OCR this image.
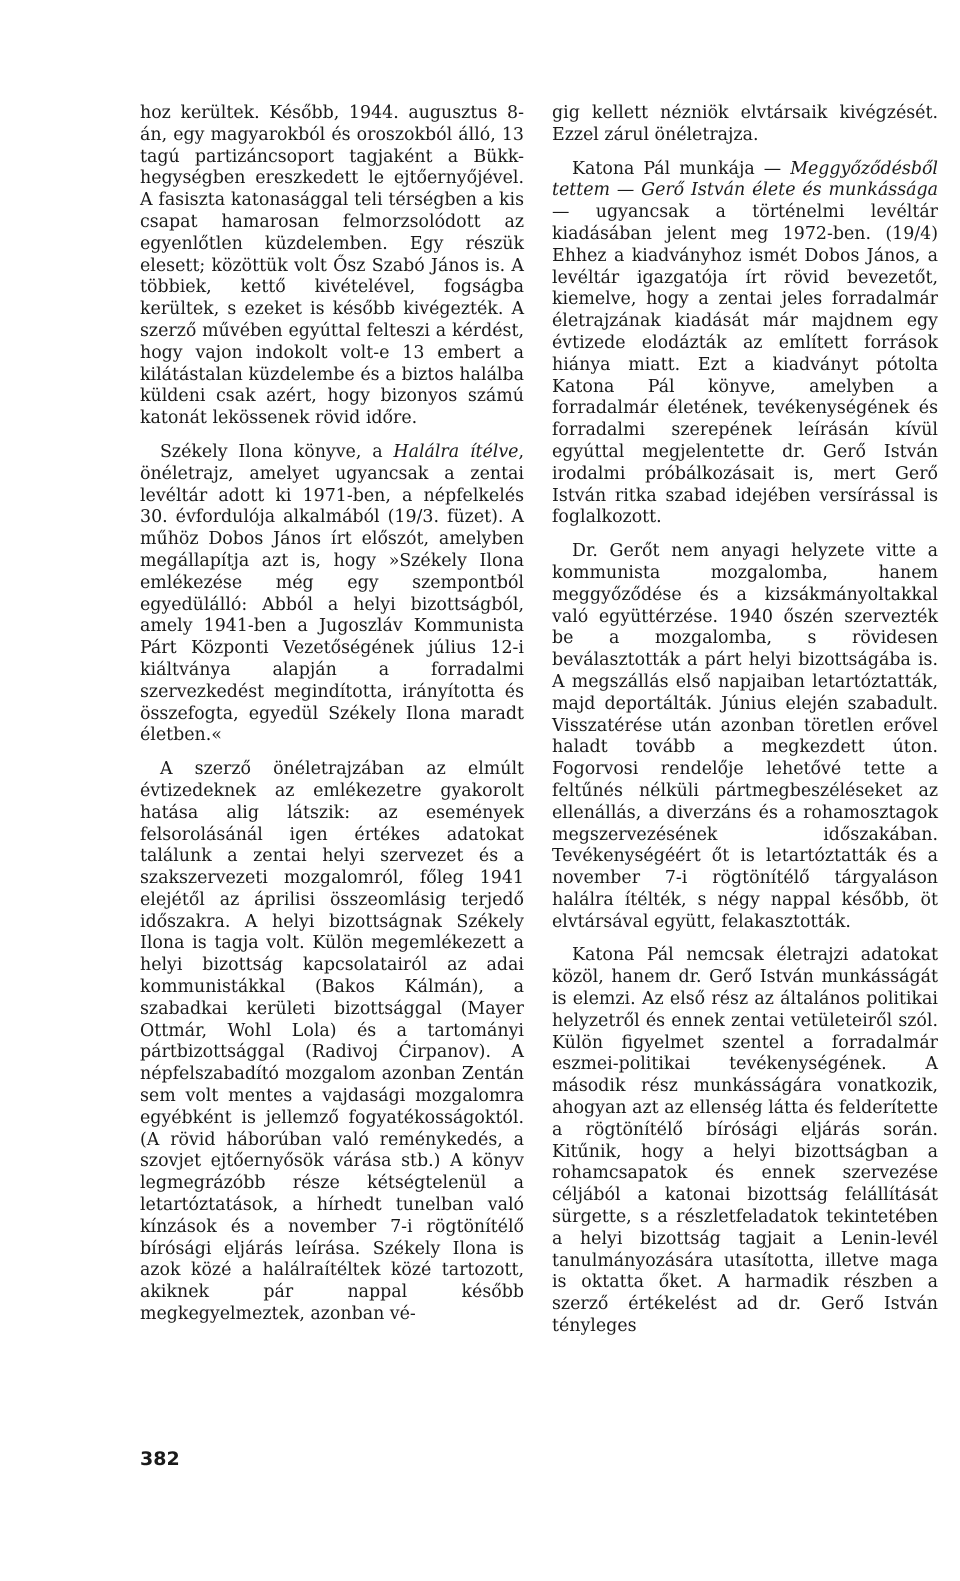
hoz kerültek. Később, 1944. augusztus 8-án, egy magyarokból és oroszokból álló, 13 tagú partizáncsoport tagjaként a Bükk-hegységben ereszkedett le ejtőernyőjével. A fasiszta katonasággal teli térségben a kis csapat hamarosan felmorzsolódott az egyenlőtlen küzdelemben. Egy részük elesett; közöttük volt Ősz Szabó János is. A többiek, kettő kivételével, fogságba kerültek, s ezeket is később kivégezték. A szerző művében egyúttal felteszi a kérdést, hogy vajon indokolt volt-e 13 embert a kilátástalan küzdelembe és a biztos halálba küldeni csak azért, hogy bizonyos számú katonát lekössenek rövid időre.

Székely Ilona könyve, a Halálra ítélve, önéletrajz, amelyet ugyancsak a zentai levéltár adott ki 1971-ben, a népfelkelés 30. évfordulója alkalmából (19/3. füzet). A műhöz Dobos János írt előszót, amelyben megállapítja azt is, hogy »Székely Ilona emlékezése még egy szempontból egyedülálló: Abból a helyi bizottságból, amely 1941-ben a Jugoszláv Kommunista Párt Központi Vezetőségének július 12-i kiáltványa alapján a forradalmi szervezkedést megindította, irányította és összefogta, egyedül Székely Ilona maradt életben.«

A szerző önéletrajzában az elmúlt évtizedeknek az emlékezetre gyakorolt hatása alig látszik: az események felsorolásánál igen értékes adatokat találunk a zentai helyi szervezet és a szakszervezeti mozgalomról, főleg 1941 elejétől az áprilisi összeomlásig terjedő időszakra. A helyi bizottságnak Székely Ilona is tagja volt. Külön megemlékezett a helyi bizottság kapcsolatairól az adai kommunistákkal (Bakos Kálmán), a szabadkai kerületi bizottsággal (Mayer Ottmár, Wohl Lola) és a tartományi pártbizottsággal (Radivoj Ćirpanov). A népfelszabadító mozgalom azonban Zentán sem volt mentes a vajdasági mozgalomra egyébként is jellemző fogyatékosságoktól. (A rövid háborúban való reménykedés, a szovjet ejtőernyősök várása stb.) A könyv legmegrázóbb része kétségtelenül a letartóztatások, a hírhedt tunelban való kínzások és a november 7-i rögtönítélő bírósági eljárás leírása. Székely Ilona is azok közé a halálraítéltek közé tartozott, akiknek pár nappal később megkegyelmeztek, azonban vé-

gig kellett nézniök elvtársaik kivégzését. Ezzel zárul önéletrajza.

Katona Pál munkája — Meggyőződésből tettem — Gerő István élete és munkássága — ugyancsak a történelmi levéltár kiadásában jelent meg 1972-ben. (19/4) Ehhez a kiadványhoz ismét Dobos János, a levéltár igazgatója írt rövid bevezetőt, kiemelve, hogy a zentai jeles forradalmár életrajzának kiadását már majdnem egy évtizede elodázták az említett források hiánya miatt. Ezt a kiadványt pótolta Katona Pál könyve, amelyben a forradalmár életének, tevékenységének és forradalmi szerepének leírásán kívül egyúttal megjelentette dr. Gerő István irodalmi próbálkozásait is, mert Gerő István ritka szabad idejében versírással is foglalkozott.

Dr. Gerőt nem anyagi helyzete vitte a kommunista mozgalomba, hanem meggyőződése és a kizsákmányoltakkal való együttérzése. 1940 őszén szervezték be a mozgalomba, s rövidesen beválasztották a párt helyi bizottságába is. A megszállás első napjaiban letartóztatták, majd deportálták. Június elején szabadult. Visszatérése után azonban töretlen erővel haladt tovább a megkezdett úton. Fogorvosi rendelője lehetővé tette a feltűnés nélküli pártmegbeszéléseket az ellenállás, a diverzáns és a rohamosztagok megszervezésének időszakában. Tevékenységéért őt is letartóztatták és a november 7-i rögtönítélő tárgyaláson halálra ítélték, s négy nappal később, öt elvtársával együtt, felakasztották.

Katona Pál nemcsak életrajzi adatokat közöl, hanem dr. Gerő István munkásságát is elemzi. Az első rész az általános politikai helyzetről és ennek zentai vetületeiről szól. Külön figyelmet szentel a forradalmár eszmei-politikai tevékenységének. A második rész munkásságára vonatkozik, ahogyan azt az ellenség látta és felderítette a rögtönítélő bírósági eljárás során. Kitűnik, hogy a helyi bizottságban a rohamcsapatok és ennek szervezése céljából a katonai bizottság felállítását sürgette, s a részletfeladatok tekintetében a helyi bizottság tagjait a Lenin-levél tanulmányozására utasította, illetve maga is oktatta őket. A harmadik részben a szerző értékelést ad dr. Gerő István tényleges

382
